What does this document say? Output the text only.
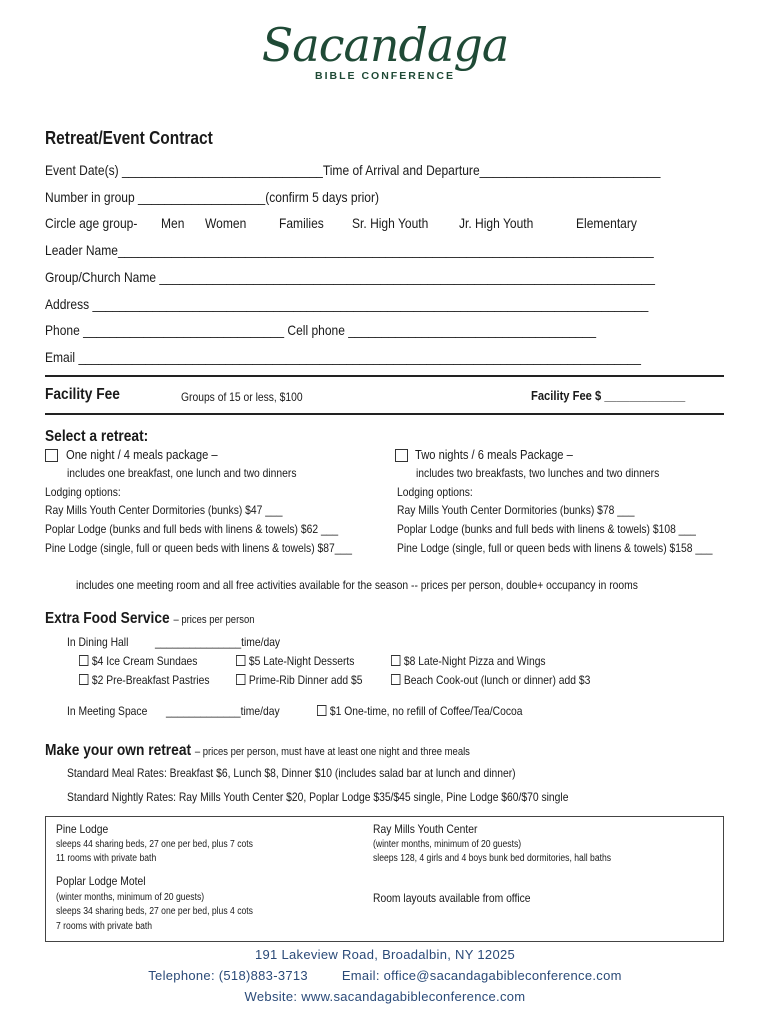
Sacandaga
BIBLE CONFERENCE
Retreat/Event Contract
Event Date(s) ______________________________Time of Arrival and Departure___________________________
Number in group ___________________(confirm 5 days prior)
Circle age group-	Men Women	Families	Sr. High Youth	Jr. High Youth	Elementary
Leader Name________________________________________________________________________________
Group/Church Name __________________________________________________________________________
Address ___________________________________________________________________________________
Phone ______________________________ Cell phone _____________________________________
Email ____________________________________________________________________________________
Facility Fee	Groups of 15 or less, $100	Facility Fee $ _____________
Select a retreat:
One night / 4 meals package –
includes one breakfast, one lunch and two dinners
Lodging options:
Ray Mills Youth Center Dormitories (bunks) $47 ___
Poplar Lodge (bunks and full beds with linens & towels) $62 ___
Pine Lodge (single, full or queen beds with linens & towels) $87___
Two nights / 6 meals Package –
includes two breakfasts, two lunches and two dinners
Lodging options:
Ray Mills Youth Center Dormitories (bunks) $78 ___
Poplar Lodge (bunks and full beds with linens & towels) $108 ___
Pine Lodge (single, full or queen beds with linens & towels) $158 ___
includes one meeting room and all free activities available for the season -- prices per person, double+ occupancy in rooms
Extra Food Service – prices per person
In Dining Hall	_______________time/day
$4 Ice Cream Sundaes	$5 Late-Night Desserts	$8 Late-Night Pizza and Wings
$2 Pre-Breakfast Pastries	Prime-Rib Dinner add $5	Beach Cook-out (lunch or dinner) add $3
In Meeting Space	_____________time/day	$1 One-time, no refill of Coffee/Tea/Cocoa
Make your own retreat – prices per person, must have at least one night and three meals
Standard Meal Rates: Breakfast $6, Lunch $8, Dinner $10 (includes salad bar at lunch and dinner)
Standard Nightly Rates: Ray Mills Youth Center $20, Poplar Lodge $35/$45 single, Pine Lodge $60/$70 single
Pine Lodge
sleeps 44 sharing beds, 27 one per bed, plus 7 cots
11 rooms with private bath
Poplar Lodge Motel
(winter months, minimum of 20 guests)
sleeps 34 sharing beds, 27 one per bed, plus 4 cots
7 rooms with private bath
Ray Mills Youth Center
(winter months, minimum of 20 guests)
sleeps 128, 4 girls and 4 boys bunk bed dormitories, hall baths
Room layouts available from office
191 Lakeview Road, Broadalbin, NY 12025
Telephone: (518)883-3713	Email: office@sacandagabibleconference.com
Website: www.sacandagabibleconference.com
